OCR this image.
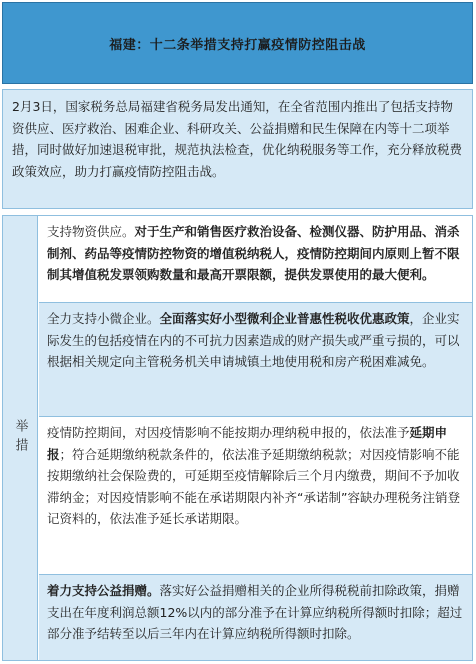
福建：十二条举措支持打赢疫情防控阻击战
2月3日，国家税务总局福建省税务局发出通知，在全省范围内推出了包括支持物资供应、医疗救治、困难企业、科研攻关、公益捐赠和民生保障在内等十二项举措，同时做好加速退税审批，规范执法检查，优化纳税服务等工作，充分释放税费政策效应，助力打赢疫情防控阻击战。
举措
支持物资供应。对于生产和销售医疗救治设备、检测仪器、防护用品、消杀制剂、药品等疫情防控物资的增值税纳税人，疫情防控期间内原则上暂不限制其增值税发票领购数量和最高开票限额，提供发票使用的最大便利。
全力支持小微企业。全面落实好小型微利企业普惠性税收优惠政策，企业实际发生的包括疫情在内的不可抗力因素造成的财产损失或严重亏损的，可以根据相关规定向主管税务机关申请城镇土地使用税和房产税困难减免。
疫情防控期间，对因疫情影响不能按期办理纳税申报的，依法准予延期申报；符合延期缴纳税款条件的，依法准予延期缴纳税款；对因疫情影响不能按期缴纳社会保险费的，可延期至疫情解除后三个月内缴费，期间不予加收滞纳金；对因疫情影响不能在承诺期限内补齐“承诺制”容缺办理税务注销登记资料的，依法准予延长承诺期限。
着力支持公益捐赠。落实好公益捐赠相关的企业所得税税前扣除政策，捐赠支出在年度利润总额12%以内的部分准予在计算应纳税所得额时扣除；超过部分准予结转至以后三年内在计算应纳税所得额时扣除。
